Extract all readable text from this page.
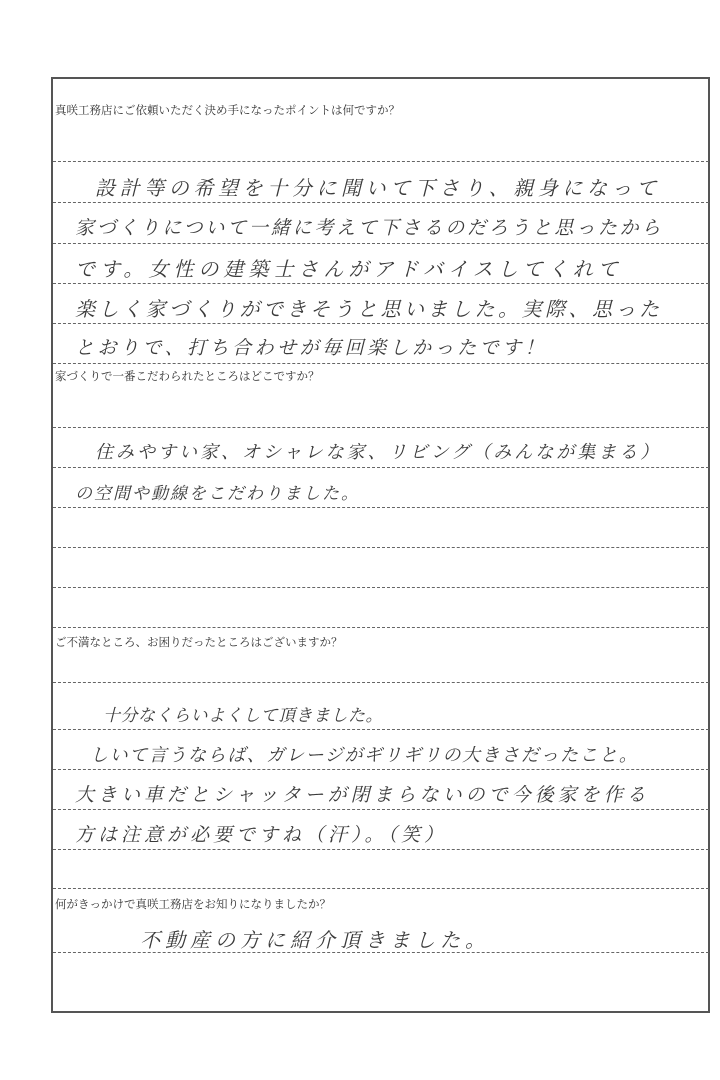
真咲工務店にご依頼いただく決め手になったポイントは何ですか？
設計等の希望を十分に聞いて下さり、親身になって
家づくりについて一緒に考えて下さるのだろうと思ったから
です。女性の建築士さんがアドバイスしてくれて
楽しく家づくりができそうと思いました。実際、思った
とおりで、打ち合わせが毎回楽しかったです！
家づくりで一番こだわられたところはどこですか？
住みやすい家、オシャレな家、リビング（みんなが集まる）
の空間や動線をこだわりました。
ご不満なところ、お困りだったところはございますか？
十分なくらいよくして頂きました。
しいて言うならば、ガレージがギリギリの大きさだったこと。
大きい車だとシャッターが閉まらないので今後家を作る
方は注意が必要ですね（汗）。（笑）
何がきっかけで真咲工務店をお知りになりましたか？
不動産の方に紹介頂きました。
